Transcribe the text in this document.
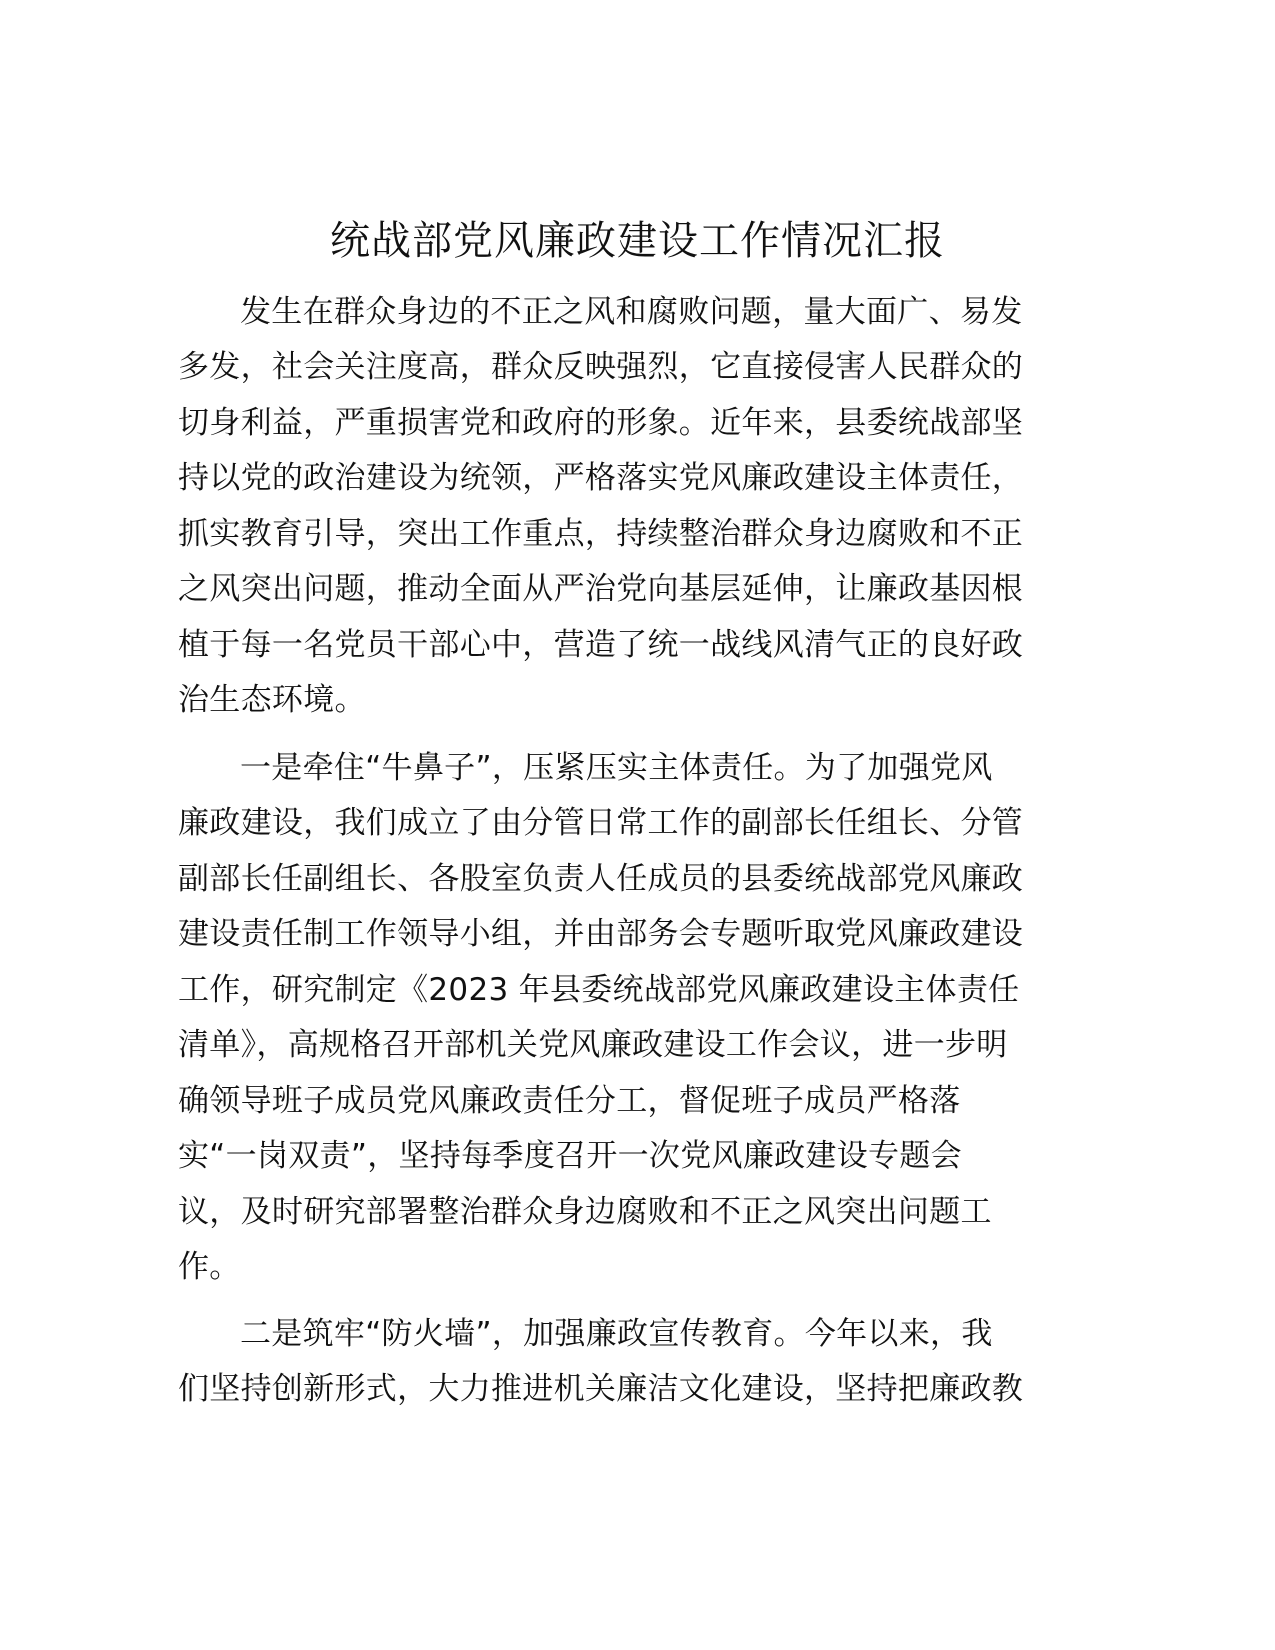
统战部党风廉政建设工作情况汇报
发生在群众身边的不正之风和腐败问题，量大面广、易发
多发，社会关注度高，群众反映强烈，它直接侵害人民群众的
切身利益，严重损害党和政府的形象。近年来，县委统战部坚
持以党的政治建设为统领，严格落实党风廉政建设主体责任，
抓实教育引导，突出工作重点，持续整治群众身边腐败和不正
之风突出问题，推动全面从严治党向基层延伸，让廉政基因根
植于每一名党员干部心中，营造了统一战线风清气正的良好政
治生态环境。
一是牵住“牛鼻子”，压紧压实主体责任。为了加强党风
廉政建设，我们成立了由分管日常工作的副部长任组长、分管
副部长任副组长、各股室负责人任成员的县委统战部党风廉政
建设责任制工作领导小组，并由部务会专题听取党风廉政建设
工作，研究制定《2023 年县委统战部党风廉政建设主体责任
清单》，高规格召开部机关党风廉政建设工作会议，进一步明
确领导班子成员党风廉政责任分工，督促班子成员严格落
实“一岗双责”，坚持每季度召开一次党风廉政建设专题会
议，及时研究部署整治群众身边腐败和不正之风突出问题工
作。
二是筑牢“防火墙”，加强廉政宣传教育。今年以来，我
们坚持创新形式，大力推进机关廉洁文化建设，坚持把廉政教
